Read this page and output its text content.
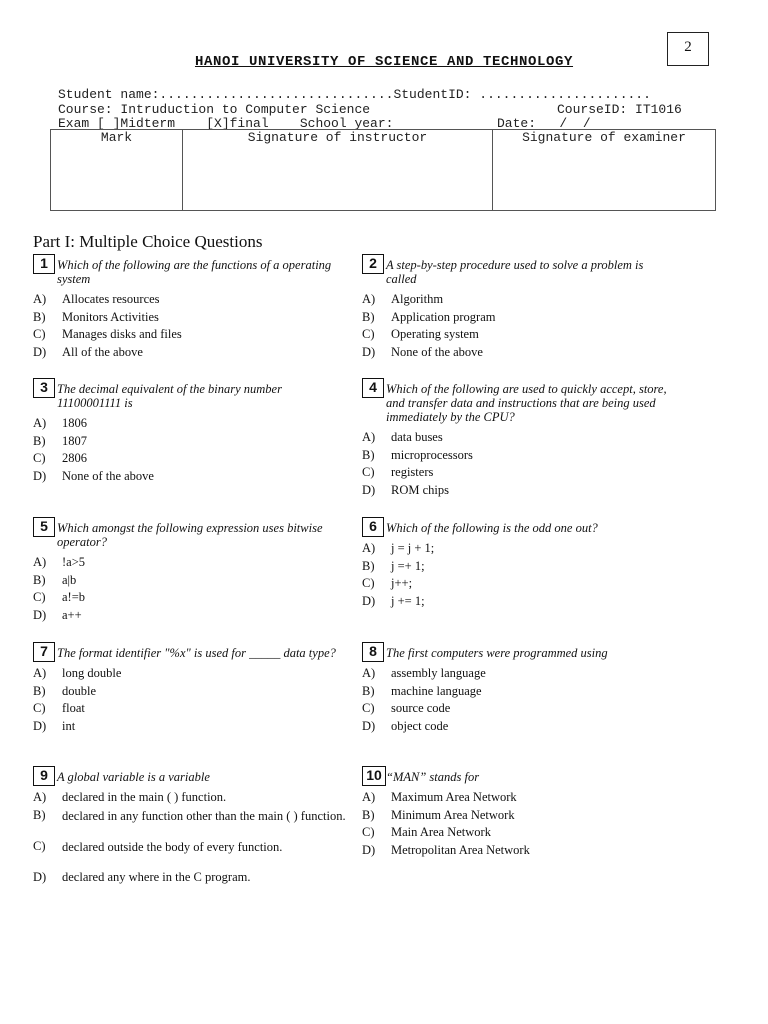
2
HANOI UNIVERSITY OF SCIENCE AND TECHNOLOGY
Student name:..............................StudentID: ......................
Course: Intruduction to Computer Science	CourseID: IT1016
Exam [ ]Midterm    [X]final    School year:	Date:   /  /
Mark	Signature of instructor	Signature of examiner
Part I: Multiple Choice Questions
1 Which of the following are the functions of a operating system
A) Allocates resources
B) Monitors Activities
C) Manages disks and files
D) All of the above
2 A step-by-step procedure used to solve a problem is called
A) Algorithm
B) Application program
C) Operating system
D) None of the above
3 The decimal equivalent of the binary number 11100001111 is
A) 1806
B) 1807
C) 2806
D) None of the above
4 Which of the following are used to quickly accept, store, and transfer data and instructions that are being used immediately by the CPU?
A) data buses
B) microprocessors
C) registers
D) ROM chips
5 Which amongst the following expression uses bitwise operator?
A) !a>5
B) a|b
C) a!=b
D) a++
6 Which of the following is the odd one out?
A) j = j + 1;
B) j =+ 1;
C) j++;
D) j += 1;
7 The format identifier "%x" is used for _____ data type?
A) long double
B) double
C) float
D) int
8 The first computers were programmed using
A) assembly language
B) machine language
C) source code
D) object code
9 A global variable is a variable
A) declared in the main ( ) function.
B) declared in any function other than the main ( ) function.
C) declared outside the body of every function.
D) declared any where in the C program.
10 “MAN” stands for
A) Maximum Area Network
B) Minimum Area Network
C) Main Area Network
D) Metropolitan Area Network
